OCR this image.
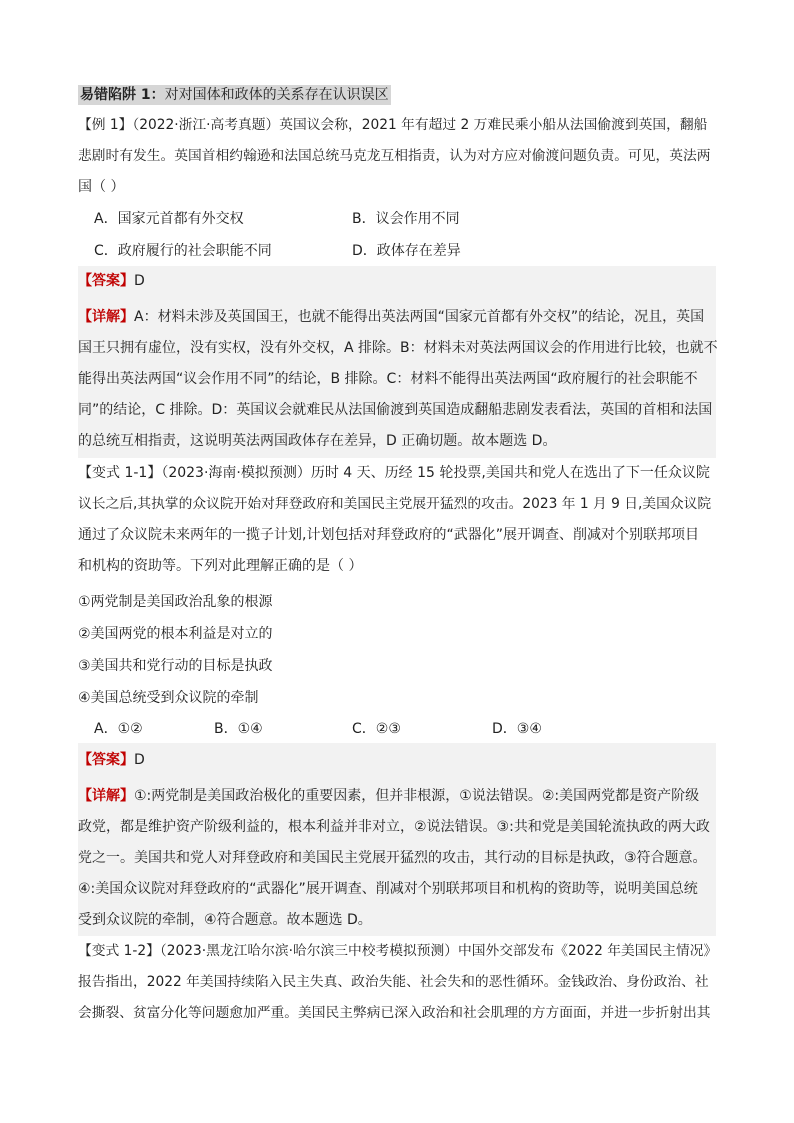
易错陷阱 1：对对国体和政体的关系存在认识误区
【例 1】（2022·浙江·高考真题）英国议会称，2021 年有超过 2 万难民乘小船从法国偷渡到英国，翻船
悲剧时有发生。英国首相约翰逊和法国总统马克龙互相指责，认为对方应对偷渡问题负责。可见，英法两
国（ ）
A．国家元首都有外交权	B．议会作用不同
C．政府履行的社会职能不同	D．政体存在差异
【答案】D
【详解】A：材料未涉及英国国王，也就不能得出英法两国“国家元首都有外交权”的结论，况且，英国
国王只拥有虚位，没有实权，没有外交权，A 排除。B：材料未对英法两国议会的作用进行比较，也就不
能得出英法两国“议会作用不同”的结论，B 排除。C：材料不能得出英法两国“政府履行的社会职能不
同”的结论，C 排除。D：英国议会就难民从法国偷渡到英国造成翻船悲剧发表看法，英国的首相和法国
的总统互相指责，这说明英法两国政体存在差异，D 正确切题。故本题选 D。
【变式 1-1】（2023·海南·模拟预测）历时 4 天、历经 15 轮投票,美国共和党人在选出了下一任众议院
议长之后,其执掌的众议院开始对拜登政府和美国民主党展开猛烈的攻击。2023 年 1 月 9 日,美国众议院
通过了众议院未来两年的一揽子计划,计划包括对拜登政府的“武器化”展开调查、削减对个别联邦项目
和机构的资助等。下列对此理解正确的是（ ）
①两党制是美国政治乱象的根源
②美国两党的根本利益是对立的
③美国共和党行动的目标是执政
④美国总统受到众议院的牵制
A．①②	B．①④	C．②③	D．③④
【答案】D
【详解】①:两党制是美国政治极化的重要因素，但并非根源，①说法错误。②:美国两党都是资产阶级
政党，都是维护资产阶级利益的，根本利益并非对立，②说法错误。③:共和党是美国轮流执政的两大政
党之一。美国共和党人对拜登政府和美国民主党展开猛烈的攻击，其行动的目标是执政，③符合题意。
④:美国众议院对拜登政府的“武器化”展开调查、削减对个别联邦项目和机构的资助等，说明美国总统
受到众议院的牵制，④符合题意。故本题选 D。
【变式 1-2】（2023·黑龙江哈尔滨·哈尔滨三中校考模拟预测）中国外交部发布《2022 年美国民主情况》
报告指出，2022 年美国持续陷入民主失真、政治失能、社会失和的恶性循环。金钱政治、身份政治、社
会撕裂、贫富分化等问题愈加严重。美国民主弊病已深入政治和社会肌理的方方面面，并进一步折射出其
